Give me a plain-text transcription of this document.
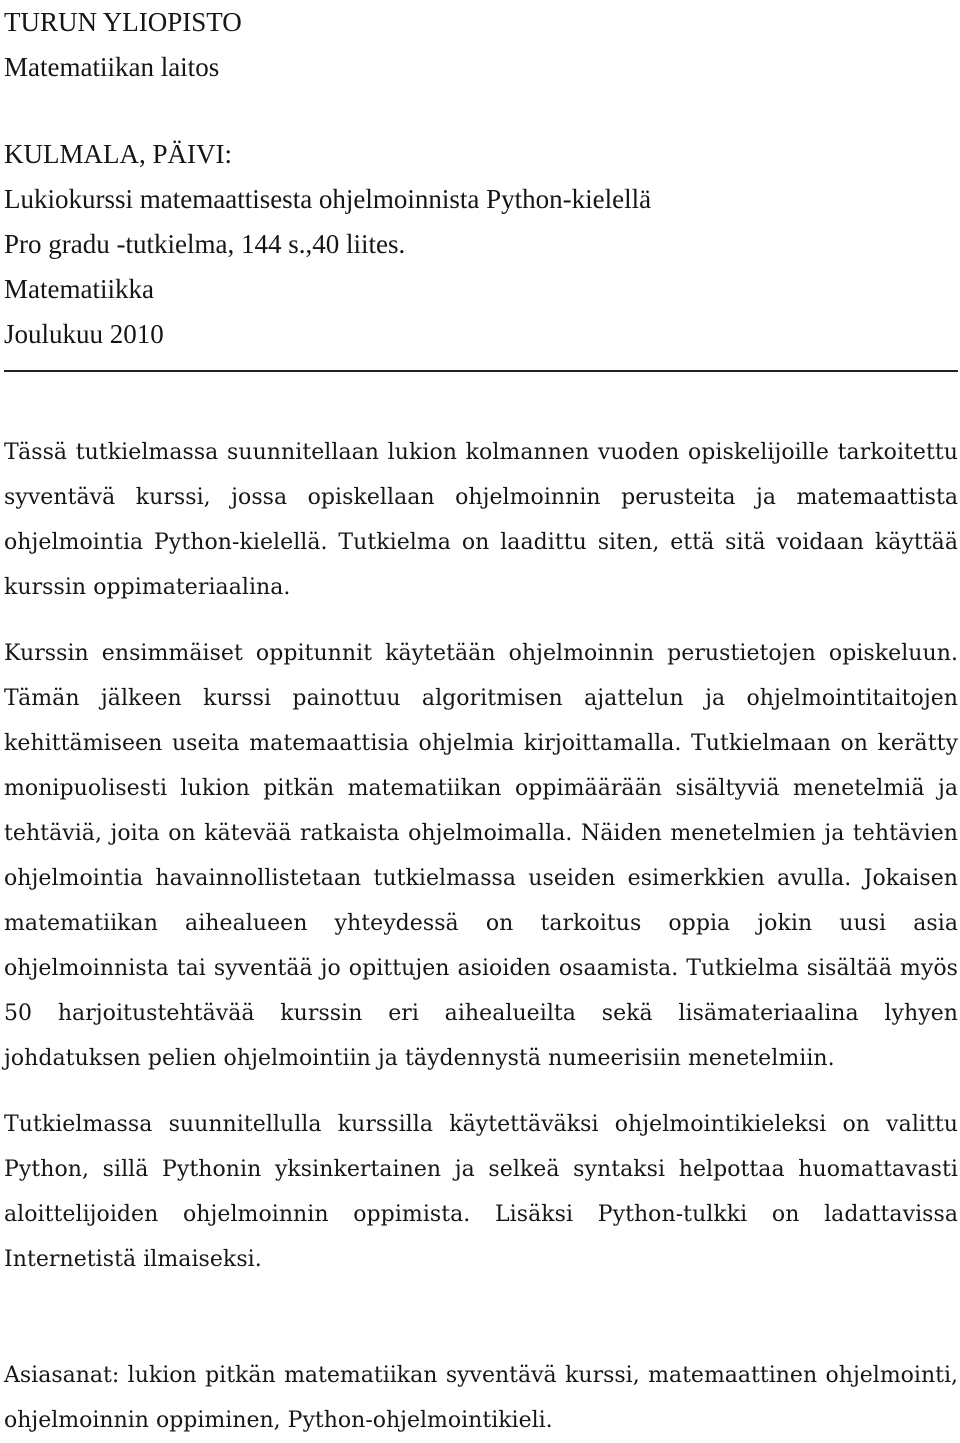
TURUN YLIOPISTO
Matematiikan laitos
KULMALA, PÄIVI:
Lukiokurssi matemaattisesta ohjelmoinnista Python-kielellä
Pro gradu -tutkielma, 144 s.,40 liites.
Matematiikka
Joulukuu 2010

Tässä tutkielmassa suunnitellaan lukion kolmannen vuoden opiskelijoille tarkoitettu syventävä kurssi, jossa opiskellaan ohjelmoinnin perusteita ja matemaattista ohjelmointia Python-kielellä. Tutkielma on laadittu siten, että sitä voidaan käyttää kurssin oppimateriaalina.

Kurssin ensimmäiset oppitunnit käytetään ohjelmoinnin perustietojen opiskeluun. Tämän jälkeen kurssi painottuu algoritmisen ajattelun ja ohjelmointitaitojen kehittämiseen useita matemaattisia ohjelmia kirjoittamalla. Tutkielmaan on kerätty monipuolisesti lukion pitkän matematiikan oppimäärään sisältyviä menetelmiä ja tehtäviä, joita on kätevää ratkaista ohjelmoimalla. Näiden menetelmien ja tehtävien ohjelmointia havainnollistetaan tutkielmassa useiden esimerkkien avulla. Jokaisen matematiikan aihealueen yhteydessä on tarkoitus oppia jokin uusi asia ohjelmoinnista tai syventää jo opittujen asioiden osaamista. Tutkielma sisältää myös 50 harjoitustehtävää kurssin eri aihealueilta sekä lisämateriaalina lyhyen johdatuksen pelien ohjelmointiin ja täydennystä numeerisiin menetelmiin.

Tutkielmassa suunnitellulla kurssilla käytettäväksi ohjelmointikieleksi on valittu Python, sillä Pythonin yksinkertainen ja selkeä syntaksi helpottaa huomattavasti aloittelijoiden ohjelmoinnin oppimista. Lisäksi Python-tulkki on ladattavissa Internetistä ilmaiseksi.

Asiasanat: lukion pitkän matematiikan syventävä kurssi, matemaattinen ohjelmointi, ohjelmoinnin oppiminen, Python-ohjelmointikieli.
